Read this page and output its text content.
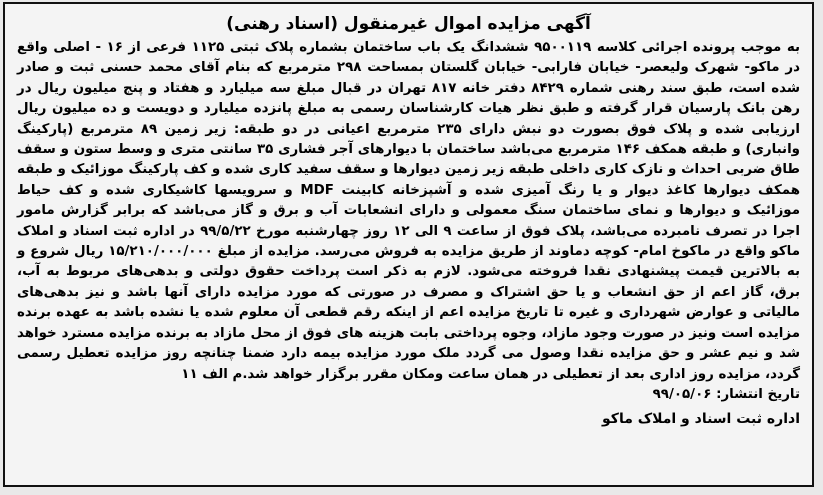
آگهی مزایده اموال غیرمنقول (اسناد رهنی)

به موجب پرونده اجرائی کلاسه ۹۵۰۰۱۱۹ ششدانگ یک باب ساختمان بشماره پلاک ثبتی ۱۱۲۵ فرعی از ۱۶ - اصلی واقع در ماکو- شهرک ولیعصر- خیابان فارابی- خیابان گلستان بمساحت ۲۹۸ مترمربع که بنام آقای محمد حسنی ثبت و صادر شده است، طبق سند رهنی شماره ۸۴۲۹ دفتر خانه ۸۱۷ تهران در قبال مبلغ سه میلیارد و هفتاد و پنج میلیون ریال در رهن بانک پارسیان قرار گرفته و طبق نظر هیات کارشناسان رسمی به مبلغ پانزده میلیارد و دویست و ده میلیون ریال ارزیابی شده و پلاک فوق بصورت دو نبش دارای ۲۳۵ مترمربع اعیانی در دو طبقه: زیر زمین ۸۹ مترمربع (پارکینگ وانباری) و طبقه همکف ۱۴۶ مترمربع می‌باشد ساختمان با دیوارهای آجر فشاری ۳۵ سانتی متری و وسط ستون و سقف طاق ضربی احداث و نازک کاری داخلی طبقه زیر زمین دیوارها و سقف سفید کاری شده و کف پارکینگ موزائیک و طبقه همکف دیوارها کاغذ دیوار و یا رنگ آمیزی شده و آشپزخانه کابینت MDF و سرویسها کاشیکاری شده و کف حیاط موزائیک و دیوارها و نمای ساختمان سنگ معمولی و دارای انشعابات آب و برق و گاز می‌باشد که برابر گزارش مامور اجرا در تصرف نامبرده می‌باشد، پلاک فوق از ساعت ۹ الی ۱۲ روز چهارشنبه مورخ ۹۹/۵/۲۲ در اداره ثبت اسناد و املاک ماکو واقع در ماکوخ امام- کوچه دماوند از طریق مزایده به فروش می‌رسد. مزایده از مبلغ ۱۵/۲۱۰/۰۰۰/۰۰۰ ریال شروع و به بالاترین قیمت پیشنهادی نقدا فروخته می‌شود. لازم به ذکر است پرداخت حقوق دولتی و بدهی‌های مربوط به آب، برق، گاز اعم از حق انشعاب و یا حق اشتراک و مصرف در صورتی که مورد مزایده دارای آنها باشد و نیز بدهی‌های مالیاتی و عوارض شهرداری و غیره تا تاریخ مزایده اعم از اینکه رقم قطعی آن معلوم شده یا نشده باشد به عهده برنده مزایده است ونیز در صورت وجود مازاد، وجوه پرداختی بابت هزینه های فوق از محل مازاد به برنده مزایده مسترد خواهد شد و نیم عشر و حق مزایده نقدا وصول می گردد ملک مورد مزایده بیمه دارد ضمنا چنانچه روز مزایده تعطیل رسمی گردد، مزایده روز اداری بعد از تعطیلی در همان ساعت ومکان مقرر برگزار خواهد شد.م الف ۱۱

تاریخ انتشار: ۹۹/۰۵/۰۶
اداره ثبت اسناد و املاک ماکو
